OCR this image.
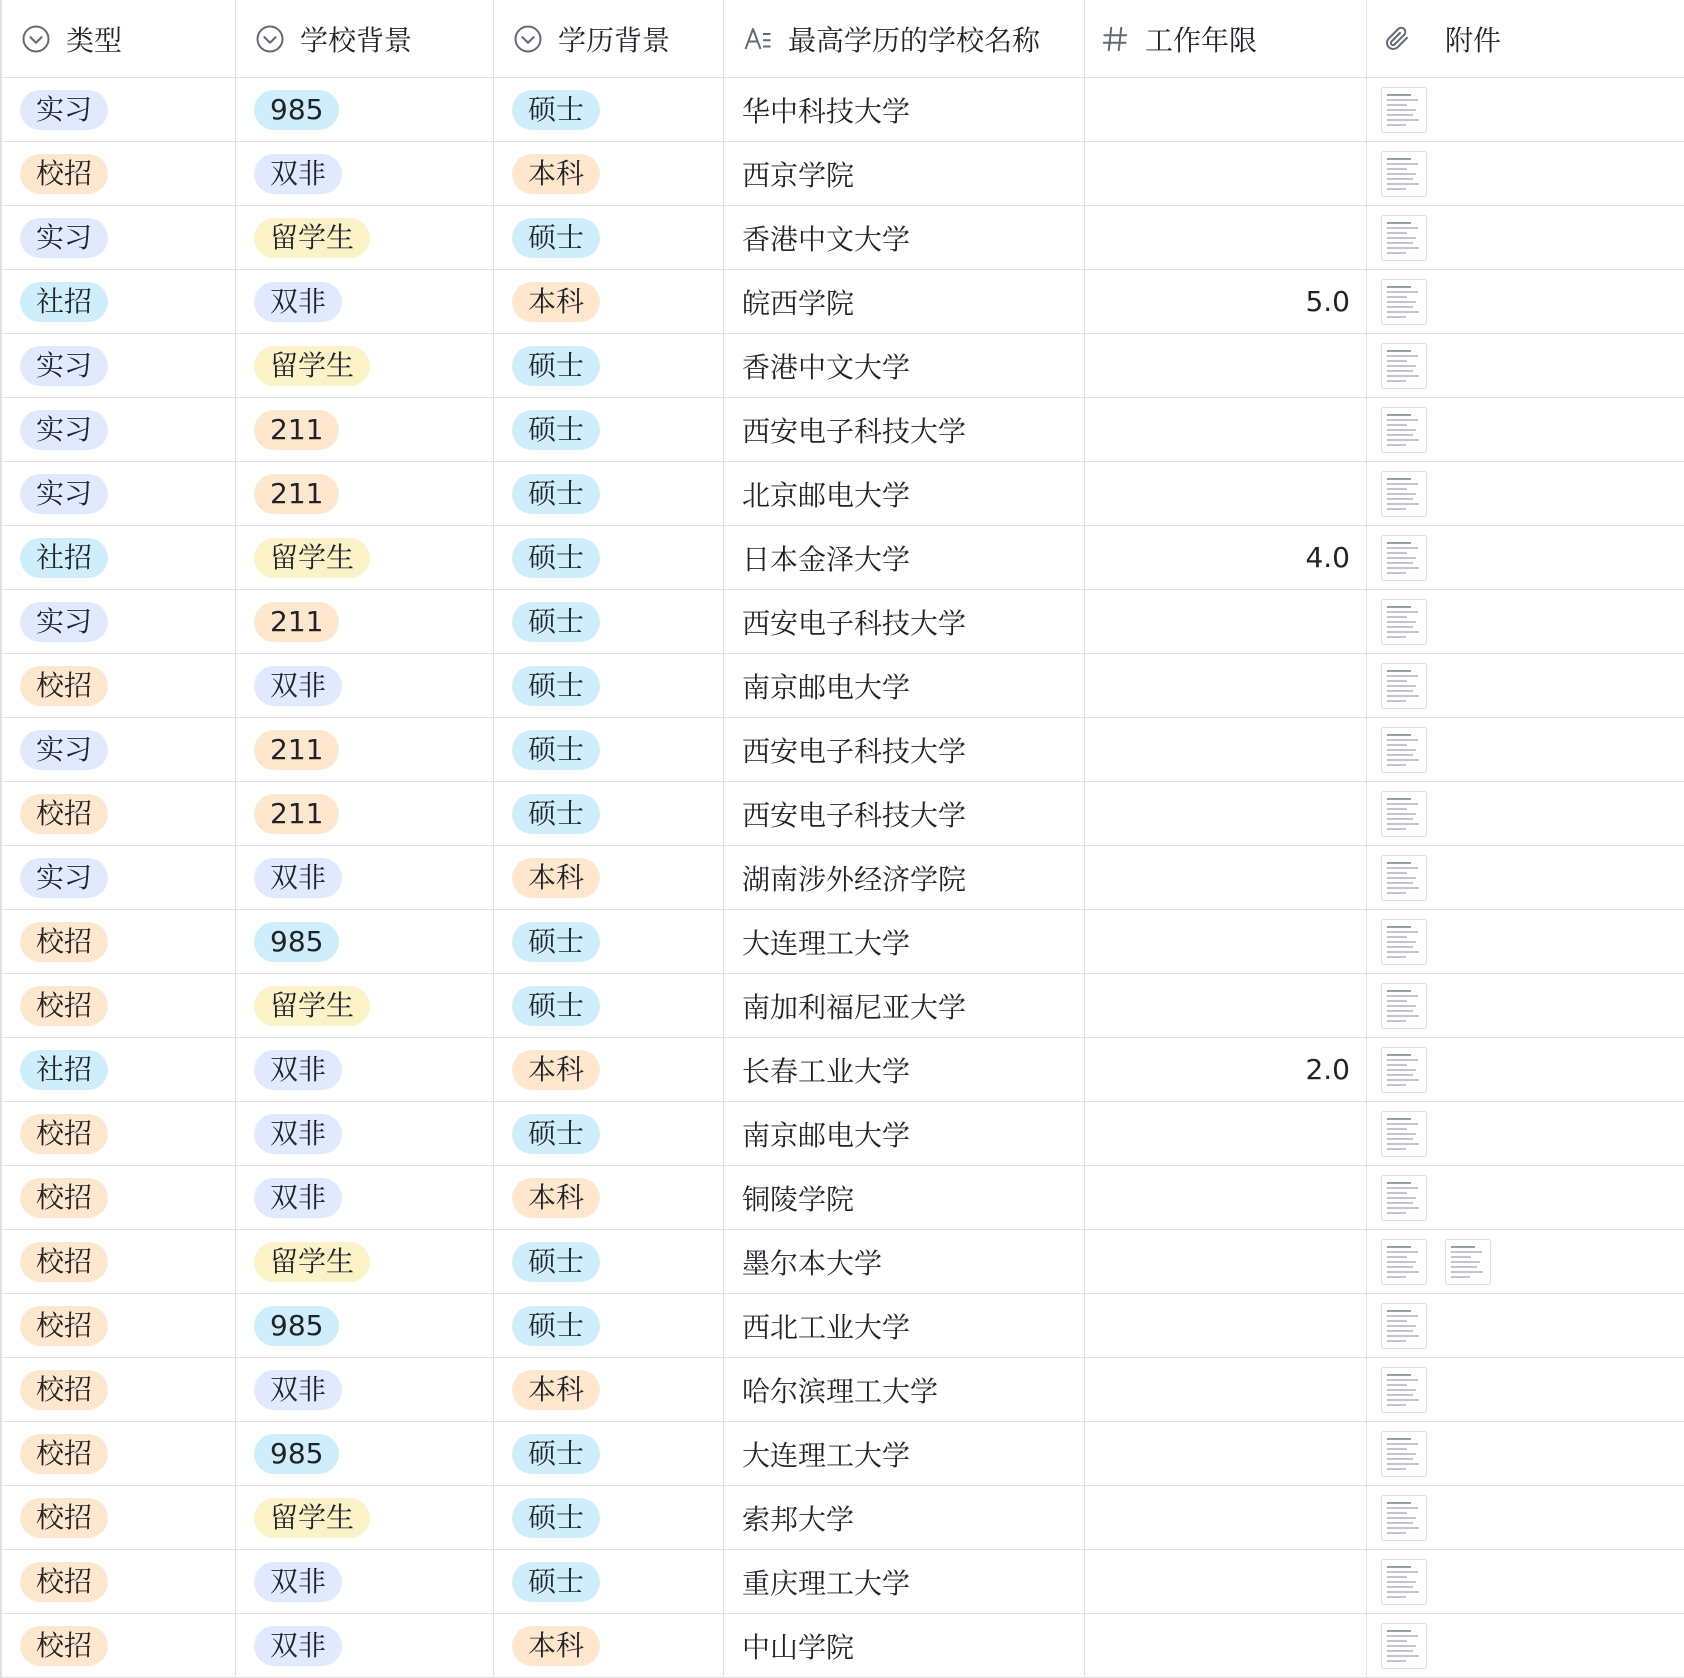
类型	学校背景	学历背景	最高学历的学校名称	工作年限	附件
实习	985	硕士	华中科技大学
校招	双非	本科	西京学院
实习	留学生	硕士	香港中文大学
社招	双非	本科	皖西学院	5.0
实习	留学生	硕士	香港中文大学
实习	211	硕士	西安电子科技大学
实习	211	硕士	北京邮电大学
社招	留学生	硕士	日本金泽大学	4.0
实习	211	硕士	西安电子科技大学
校招	双非	硕士	南京邮电大学
实习	211	硕士	西安电子科技大学
校招	211	硕士	西安电子科技大学
实习	双非	本科	湖南涉外经济学院
校招	985	硕士	大连理工大学
校招	留学生	硕士	南加利福尼亚大学
社招	双非	本科	长春工业大学	2.0
校招	双非	硕士	南京邮电大学
校招	双非	本科	铜陵学院
校招	留学生	硕士	墨尔本大学
校招	985	硕士	西北工业大学
校招	双非	本科	哈尔滨理工大学
校招	985	硕士	大连理工大学
校招	留学生	硕士	索邦大学
校招	双非	硕士	重庆理工大学
校招	双非	本科	中山学院
